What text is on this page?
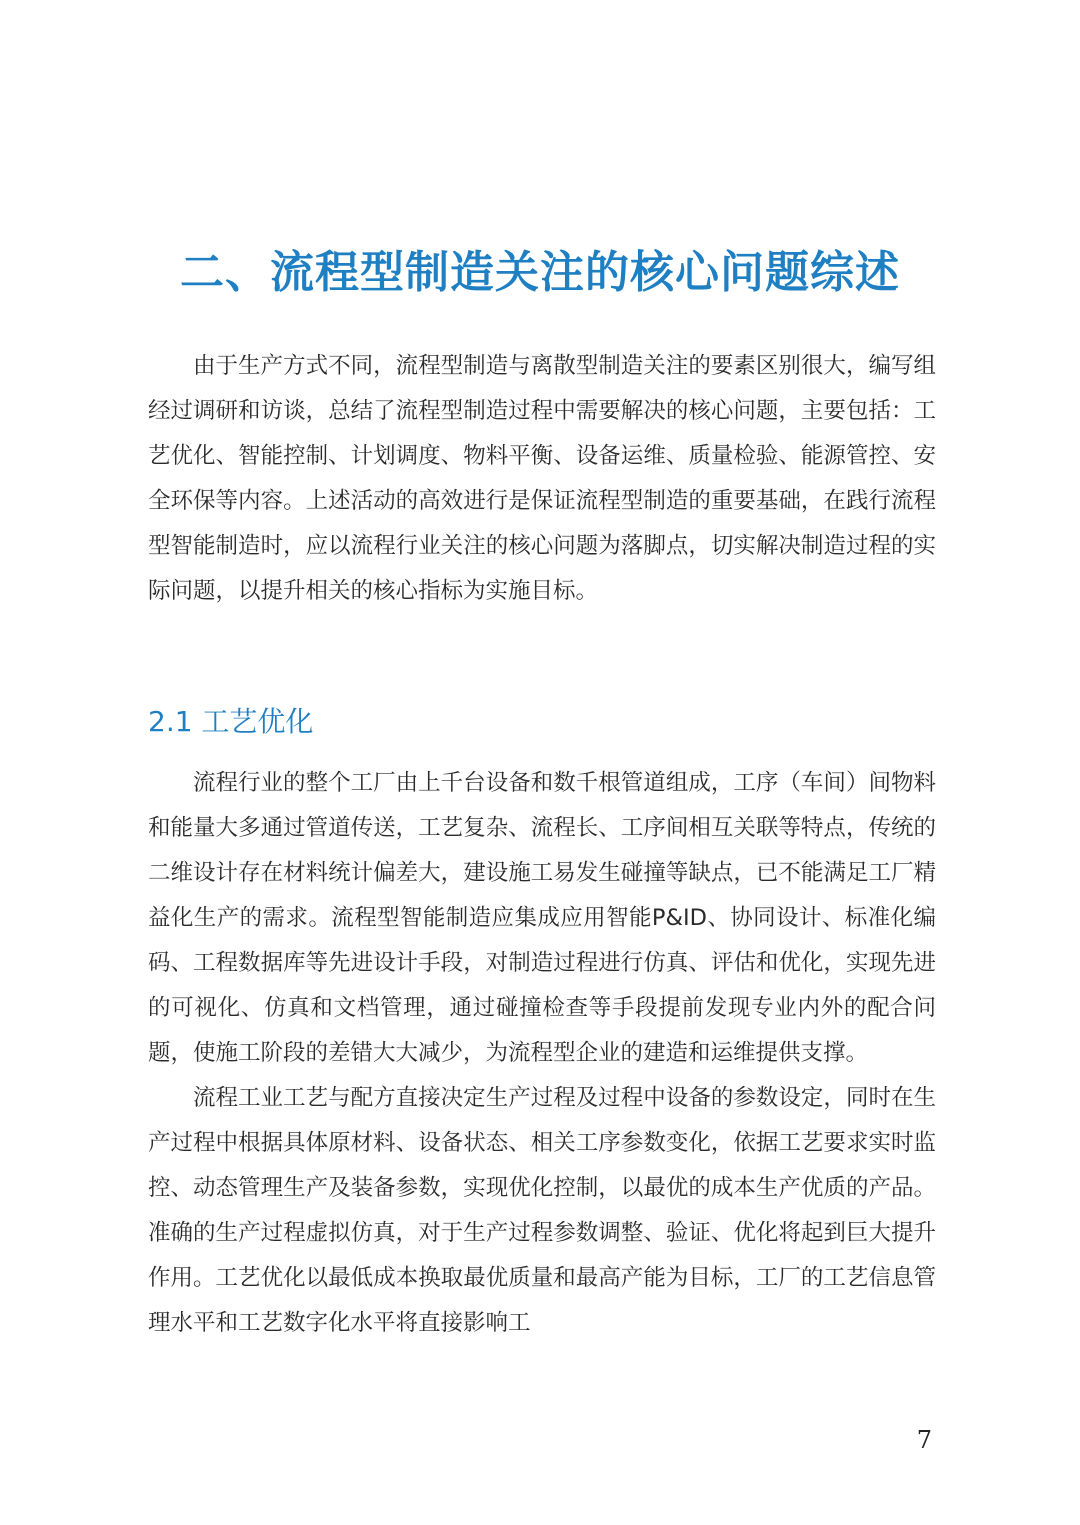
二、流程型制造关注的核心问题综述

由于生产方式不同，流程型制造与离散型制造关注的要素区别很大，编写组经过调研和访谈，总结了流程型制造过程中需要解决的核心问题，主要包括：工艺优化、智能控制、计划调度、物料平衡、设备运维、质量检验、能源管控、安全环保等内容。上述活动的高效进行是保证流程型制造的重要基础，在践行流程型智能制造时，应以流程行业关注的核心问题为落脚点，切实解决制造过程的实际问题，以提升相关的核心指标为实施目标。

2.1 工艺优化

流程行业的整个工厂由上千台设备和数千根管道组成，工序（车间）间物料和能量大多通过管道传送，工艺复杂、流程长、工序间相互关联等特点，传统的二维设计存在材料统计偏差大，建设施工易发生碰撞等缺点，已不能满足工厂精益化生产的需求。流程型智能制造应集成应用智能P&ID、协同设计、标准化编码、工程数据库等先进设计手段，对制造过程进行仿真、评估和优化，实现先进的可视化、仿真和文档管理，通过碰撞检查等手段提前发现专业内外的配合问题，使施工阶段的差错大大减少，为流程型企业的建造和运维提供支撑。

流程工业工艺与配方直接决定生产过程及过程中设备的参数设定，同时在生产过程中根据具体原材料、设备状态、相关工序参数变化，依据工艺要求实时监控、动态管理生产及装备参数，实现优化控制，以最优的成本生产优质的产品。准确的生产过程虚拟仿真，对于生产过程参数调整、验证、优化将起到巨大提升作用。工艺优化以最低成本换取最优质量和最高产能为目标，工厂的工艺信息管理水平和工艺数字化水平将直接影响工

7
